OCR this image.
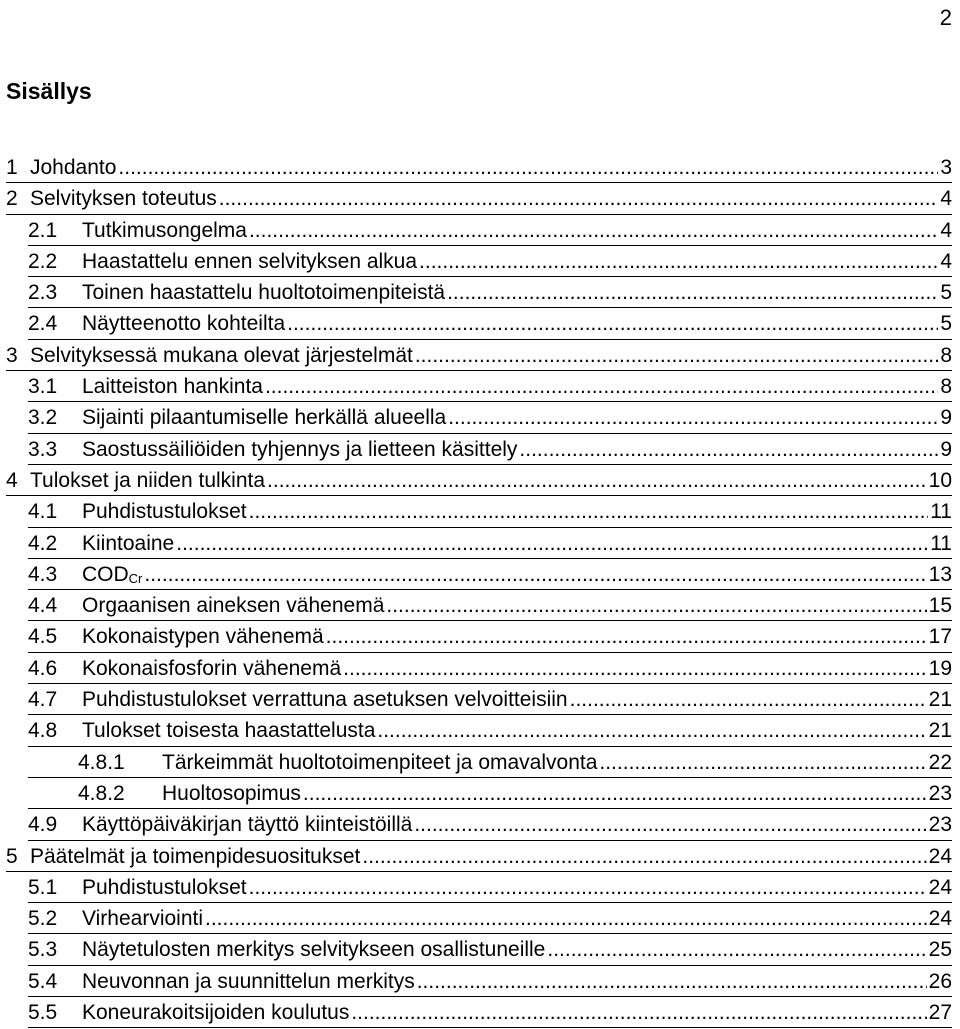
2
Sisällys
1 Johdanto .....	3
2 Selvityksen toteutus .....	4
2.1	Tutkimusongelma .....	4
2.2	Haastattelu ennen selvityksen alkua .....	4
2.3	Toinen haastattelu huoltotoimenpiteistä .....	5
2.4	Näytteenotto kohteilta .....	5
3 Selvityksessä mukana olevat järjestelmät .....	8
3.1	Laitteiston hankinta .....	8
3.2	Sijainti pilaantumiselle herkällä alueella .....	9
3.3	Saostussäiliöiden tyhjennys ja lietteen käsittely .....	9
4 Tulokset ja niiden tulkinta .....	10
4.1	Puhdistustulokset .....	11
4.2	Kiintoaine .....	11
4.3	$COD_{Cr}$ .....	13
4.4	Orgaanisen aineksen vähenemä .....	15
4.5	Kokonaistypen vähenemä .....	17
4.6	Kokonaisfosforin vähenemä .....	19
4.7	Puhdistustulokset verrattuna asetuksen velvoitteisiin .....	21
4.8	Tulokset toisesta haastattelusta .....	21
4.8.1	Tärkeimmät huoltotoimenpiteet ja omavalvonta .....	22
4.8.2	Huoltosopimus .....	23
4.9	Käyttöpäiväkirjan täyttö kiinteistöillä .....	23
5 Päätelmät ja toimenpidesuositukset .....	24
5.1	Puhdistustulokset .....	24
5.2	Virhearviointi .....	24
5.3	Näytetulosten merkitys selvitykseen osallistuneille .....	25
5.4	Neuvonnan ja suunnittelun merkitys .....	26
5.5	Koneurakoitsijoiden koulutus .....	27
